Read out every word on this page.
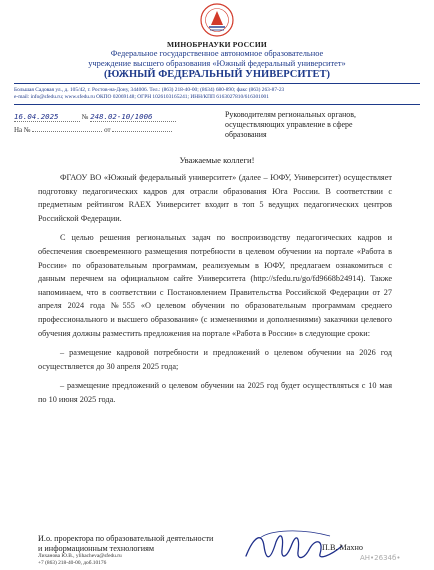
МИНОБРНАУКИ РОССИИ
Федеральное государственное автономное образовательное
учреждение высшего образования «Южный федеральный университет»
(ЮЖНЫЙ ФЕДЕРАЛЬНЫЙ УНИВЕРСИТЕТ)
Большая Садовая ул., д. 105/42, г. Ростов-на-Дону, 344006. Тел.: (863) 218-40-00; (8634) 680-890; факс (863) 263-87-23
e-mail: info@sfedu.ru; www.sfedu.ru ОКПО 02069148; ОГРН 1026103165241; ИНН/КПП 6163027810/616301001
16.04.2025	№ 248.02-10/1006
На №	от
Руководителям региональных органов,
осуществляющих управление в сфере
образования
Уважаемые коллеги!

ФГАОУ ВО «Южный федеральный университет» (далее – ЮФУ, Университет) осуществляет подготовку педагогических кадров для отрасли образования Юга России. В соответствии с предметным рейтингом RAEX Университет входит в топ 5 ведущих педагогических центров Российской Федерации.

С целью решения региональных задач по воспроизводству педагогических кадров и обеспечения своевременного размещения потребности в целевом обучении на портале «Работа в России» по образовательным программам, реализуемым в ЮФУ, предлагаем ознакомиться с данным перечнем на официальном сайте Университета (http://sfedu.ru/go/fd9668b24914). Также напоминаем, что в соответствии с Постановлением Правительства Российской Федерации от 27 апреля 2024 года №555 «О целевом обучении по образовательным программам среднего профессионального и высшего образования» (с изменениями и дополнениями) заказчики целевого обучения должны разместить предложения на портале «Работа в России» в следующие сроки:

– размещение кадровой потребности и предложений о целевом обучении на 2026 год осуществляется до 30 апреля 2025 года;

– размещение предложений о целевом обучении на 2025 год будет осуществляться с 10 мая по 10 июня 2025 года.

И.о. проректора по образовательной деятельности
и информационным технологиям	П.В. Махно
АН•2634б•
Лиханова Ю.В., ylihacheva@sfedu.ru
+7 (863) 218-40-00, доб.10176
